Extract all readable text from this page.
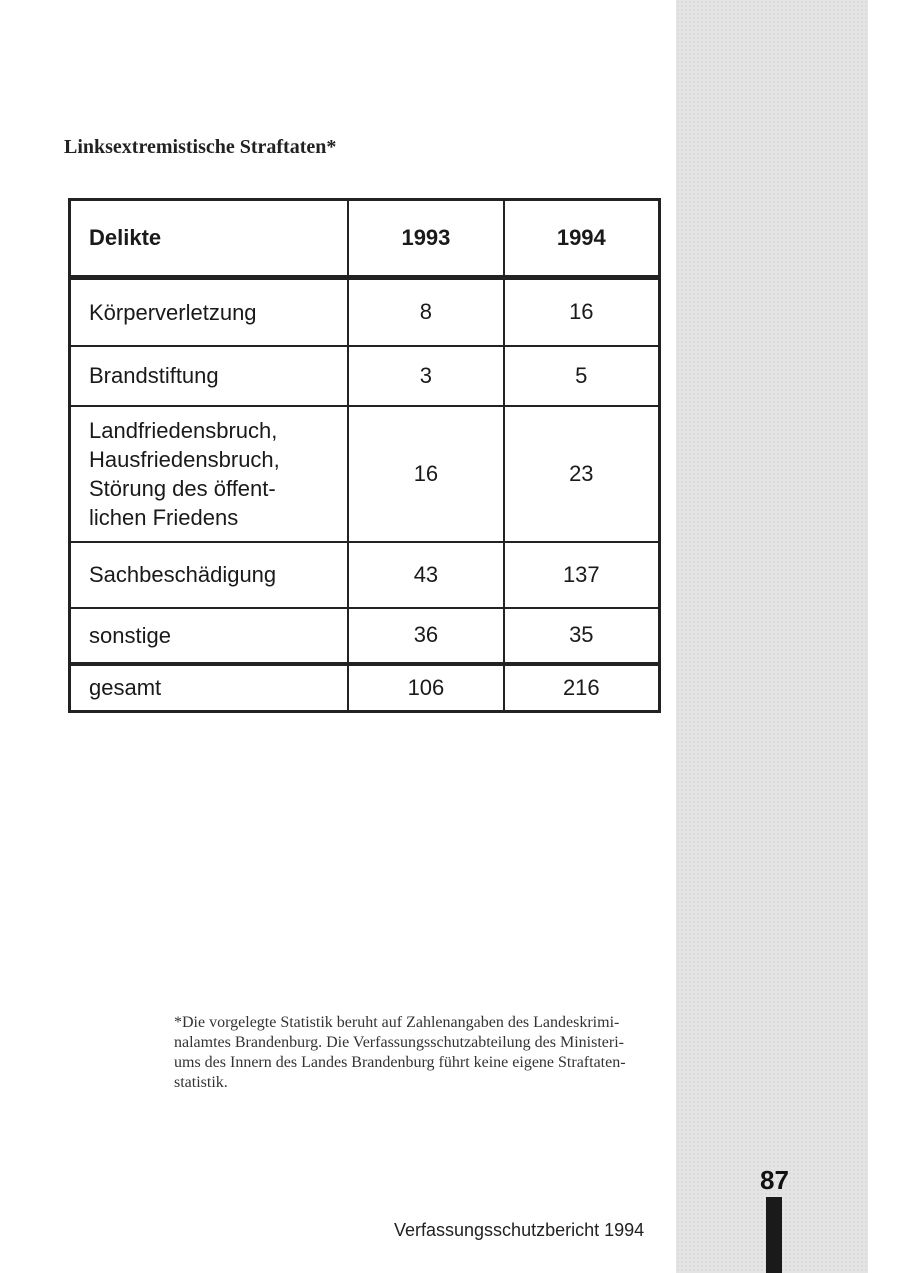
Linksextremistische Straftaten*
Delikte	1993	1994
Körperverletzung	8	16
Brandstiftung	3	5

Landfriedensbruch,
Hausfriedensbruch,
Störung des öffent-
lichen Friedens	16	23
Sachbeschädigung	43	137
sonstige	36	35
gesamt	106	216
*Die vorgelegte Statistik beruht auf Zahlenangaben des Landeskrimi-
nalamtes Brandenburg. Die Verfassungsschutzabteilung des Ministeri-
ums des Innern des Landes Brandenburg führt keine eigene Straftaten-
statistik.
87
Verfassungsschutzbericht 1994
